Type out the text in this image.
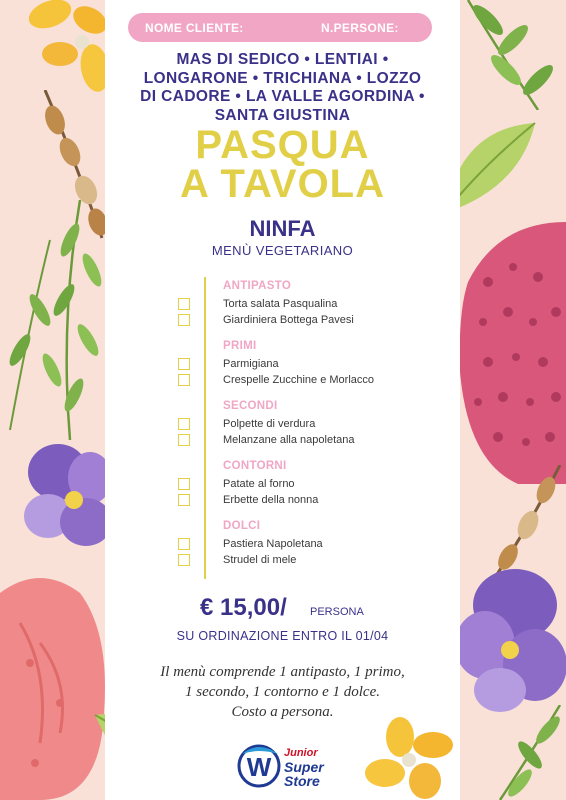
NOME CLIENTE:	N.PERSONE:
MAS DI SEDICO • LENTIAI •
LONGARONE • TRICHIANA • LOZZO
DI CADORE • LA VALLE AGORDINA •
SANTA GIUSTINA
PASQUA
A TAVOLA
NINFA
MENÙ VEGETARIANO
ANTIPASTO
Torta salata Pasqualina
Giardiniera Bottega Pavesi
PRIMI
Parmigiana
Crespelle Zucchine e Morlacco
SECONDI
Polpette di verdura
Melanzane alla napoletana
CONTORNI
Patate al forno
Erbette della nonna
DOLCI
Pastiera Napoletana
Strudel di mele
€ 15,00/ PERSONA
SU ORDINAZIONE ENTRO IL 01/04
Il menù comprende 1 antipasto, 1 primo,
1 secondo, 1 contorno e 1 dolce.
Costo a persona.
W Junior
Super
Store
